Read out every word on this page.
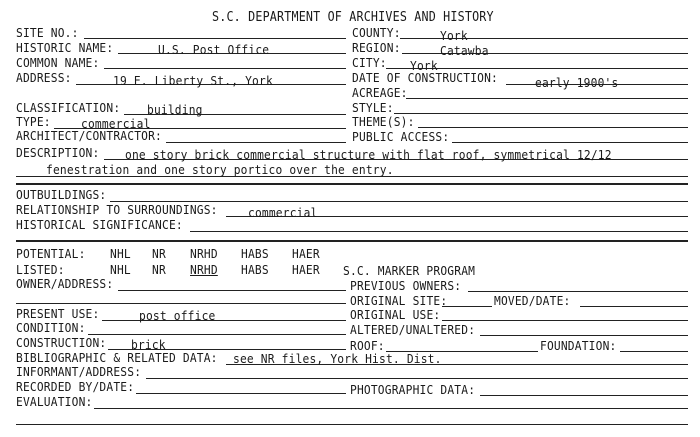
S.C. DEPARTMENT OF ARCHIVES AND HISTORY
SITE NO.:
HISTORIC NAME:	U.S. Post Office
COMMON NAME:
ADDRESS:	19 E. Liberty St., York
COUNTY:	York
REGION:	Catawba
CITY: York
DATE OF CONSTRUCTION:	early 1900's
ACREAGE:
CLASSIFICATION: building	STYLE:
TYPE: commercial	THEME(S):
ARCHITECT/CONTRACTOR:	PUBLIC ACCESS:
DESCRIPTION: one story brick commercial structure with flat roof, symmetrical 12/12
fenestration and one story portico over the entry.
OUTBUILDINGS:
RELATIONSHIP TO SURROUNDINGS: commercial
HISTORICAL SIGNIFICANCE:
POTENTIAL: NHL NR NRHD HABS HAER
LISTED:	NHL NR NRHD HABS HAER S.C. MARKER PROGRAM
OWNER/ADDRESS:	PREVIOUS OWNERS:
ORIGINAL SITE:	MOVED/DATE:
PRESENT USE:	post office	ORIGINAL USE:
CONDITION:	ALTERED/UNALTERED:
CONSTRUCTION: brick	ROOF:	FOUNDATION:
BIBLIOGRAPHIC & RELATED DATA: see NR files, York Hist. Dist.
INFORMANT/ADDRESS:
RECORDED BY/DATE:	PHOTOGRAPHIC DATA:
EVALUATION:
